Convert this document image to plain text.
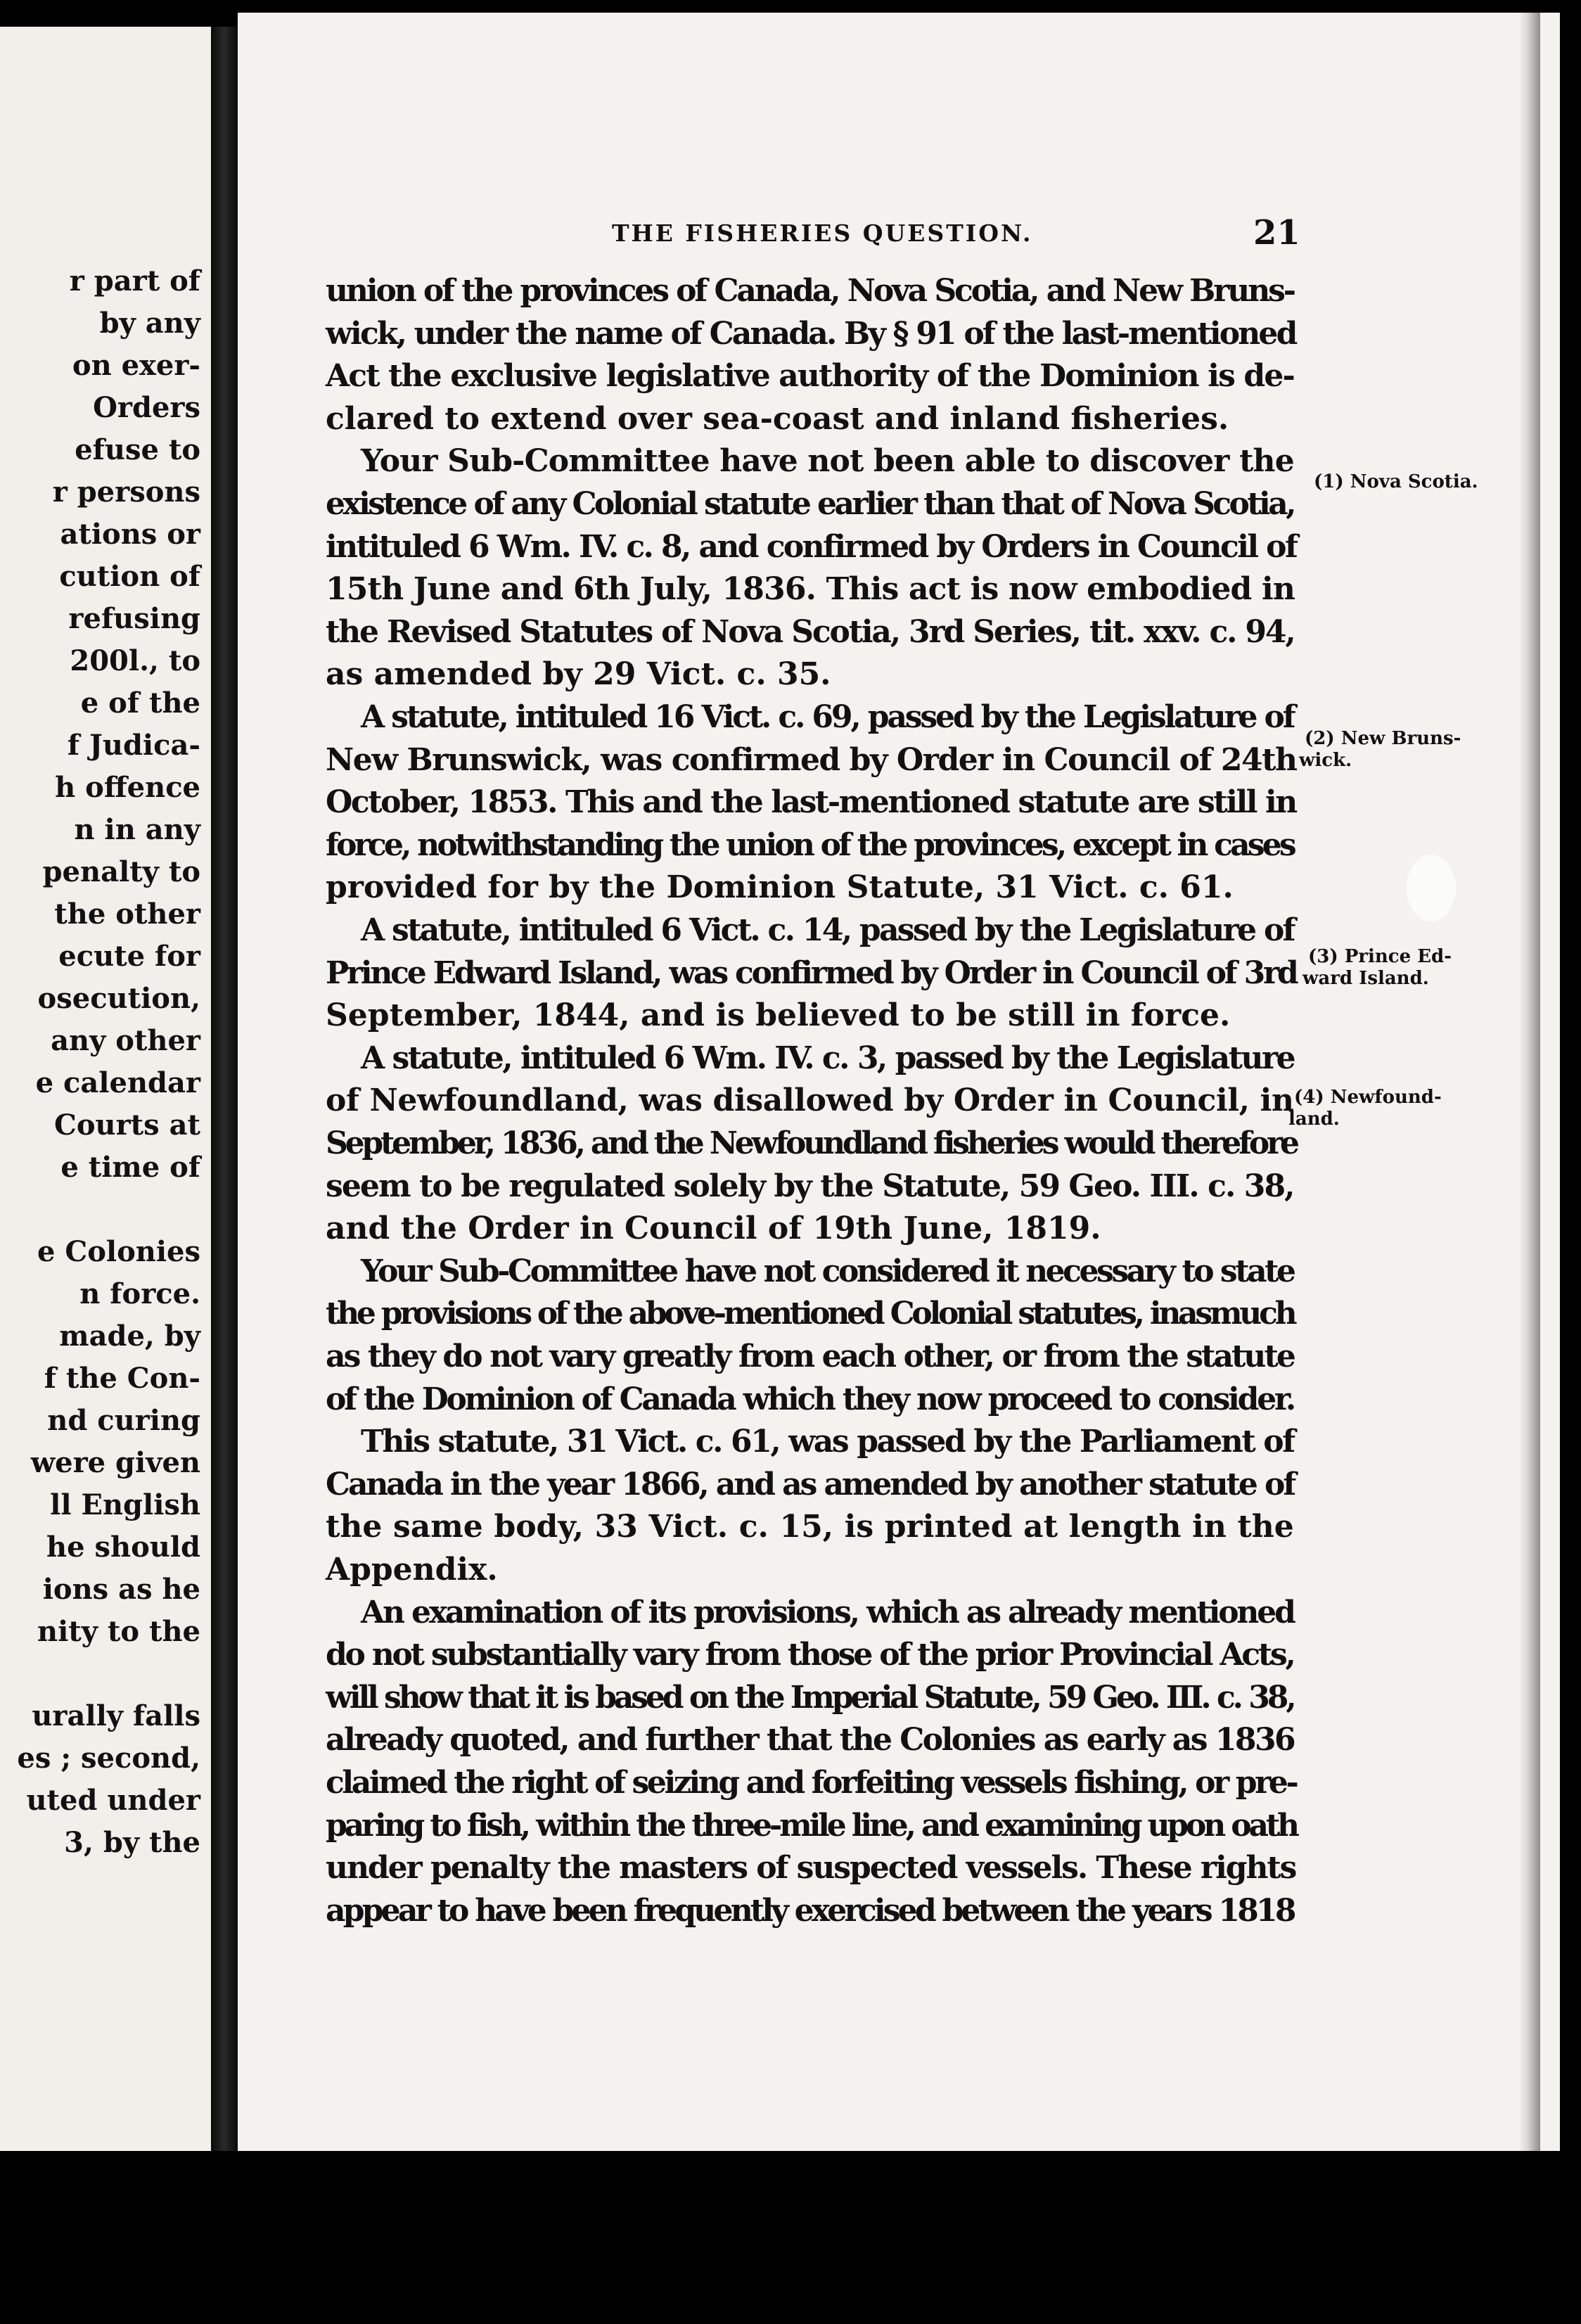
r part of
by any
on exer-
Orders
efuse to
r persons
ations or
cution of
refusing
200l., to
e of the
f Judica-
h offence
n in any
penalty to
the other
ecute for
osecution,
any other
e calendar
Courts at
e time of
e Colonies
n force.
made, by
f the Con-
nd curing
were given
ll English
he should
ions as he
nity to the
urally falls
es ; second,
uted under
3, by the
THE FISHERIES QUESTION.	21
union of the provinces of Canada, Nova Scotia, and New Bruns-
wick, under the name of Canada. By § 91 of the last-mentioned
Act the exclusive legislative authority of the Dominion is de-
clared to extend over sea-coast and inland fisheries.
Your Sub-Committee have not been able to discover the
existence of any Colonial statute earlier than that of Nova Scotia,
intituled 6 Wm. IV. c. 8, and confirmed by Orders in Council of
15th June and 6th July, 1836. This act is now embodied in
the Revised Statutes of Nova Scotia, 3rd Series, tit. xxv. c. 94,
as amended by 29 Vict. c. 35.
A statute, intituled 16 Vict. c. 69, passed by the Legislature of
New Brunswick, was confirmed by Order in Council of 24th
October, 1853. This and the last-mentioned statute are still in
force, notwithstanding the union of the provinces, except in cases
provided for by the Dominion Statute, 31 Vict. c. 61.
A statute, intituled 6 Vict. c. 14, passed by the Legislature of
Prince Edward Island, was confirmed by Order in Council of 3rd
September, 1844, and is believed to be still in force.
A statute, intituled 6 Wm. IV. c. 3, passed by the Legislature
of Newfoundland, was disallowed by Order in Council, in
September, 1836, and the Newfoundland fisheries would therefore
seem to be regulated solely by the Statute, 59 Geo. III. c. 38,
and the Order in Council of 19th June, 1819.
Your Sub-Committee have not considered it necessary to state
the provisions of the above-mentioned Colonial statutes, inasmuch
as they do not vary greatly from each other, or from the statute
of the Dominion of Canada which they now proceed to consider.
This statute, 31 Vict. c. 61, was passed by the Parliament of
Canada in the year 1866, and as amended by another statute of
the same body, 33 Vict. c. 15, is printed at length in the
Appendix.
An examination of its provisions, which as already mentioned
do not substantially vary from those of the prior Provincial Acts,
will show that it is based on the Imperial Statute, 59 Geo. III. c. 38,
already quoted, and further that the Colonies as early as 1836
claimed the right of seizing and forfeiting vessels fishing, or pre-
paring to fish, within the three-mile line, and examining upon oath
under penalty the masters of suspected vessels. These rights
appear to have been frequently exercised between the years 1818
(1) Nova Scotia.
(2) New Bruns-
wick.
(3) Prince Ed-
ward Island.
(4) Newfound-
land.
